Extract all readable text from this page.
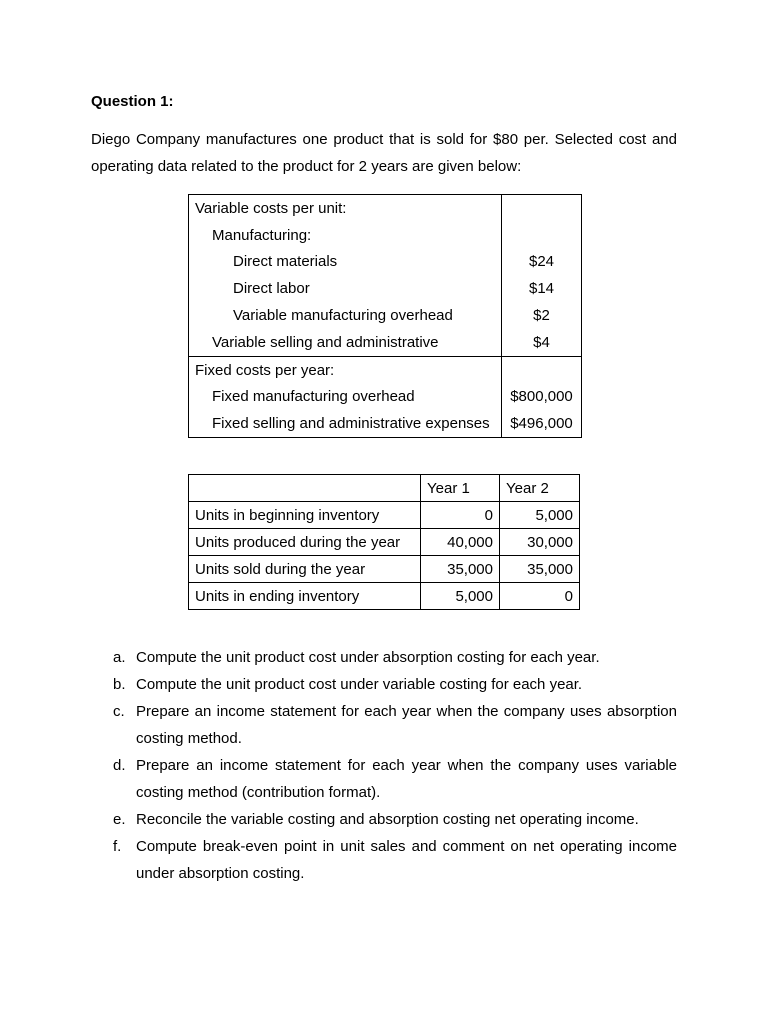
Question 1:
Diego Company manufactures one product that is sold for $80 per. Selected cost and operating data related to the product for 2 years are given below:
Variable costs per unit:
Manufacturing:
Direct materials	$24
Direct labor	$14
Variable manufacturing overhead	$2
Variable selling and administrative	$4
Fixed costs per year:
Fixed manufacturing overhead	$800,000
Fixed selling and administrative expenses	$496,000
	Year 1	Year 2
Units in beginning inventory	0	5,000
Units produced during the year	40,000	30,000
Units sold during the year	35,000	35,000
Units in ending inventory	5,000	0
a. Compute the unit product cost under absorption costing for each year.
b. Compute the unit product cost under variable costing for each year.
c. Prepare an income statement for each year when the company uses absorption costing method.
d. Prepare an income statement for each year when the company uses variable costing method (contribution format).
e. Reconcile the variable costing and absorption costing net operating income.
f. Compute break-even point in unit sales and comment on net operating income under absorption costing.
